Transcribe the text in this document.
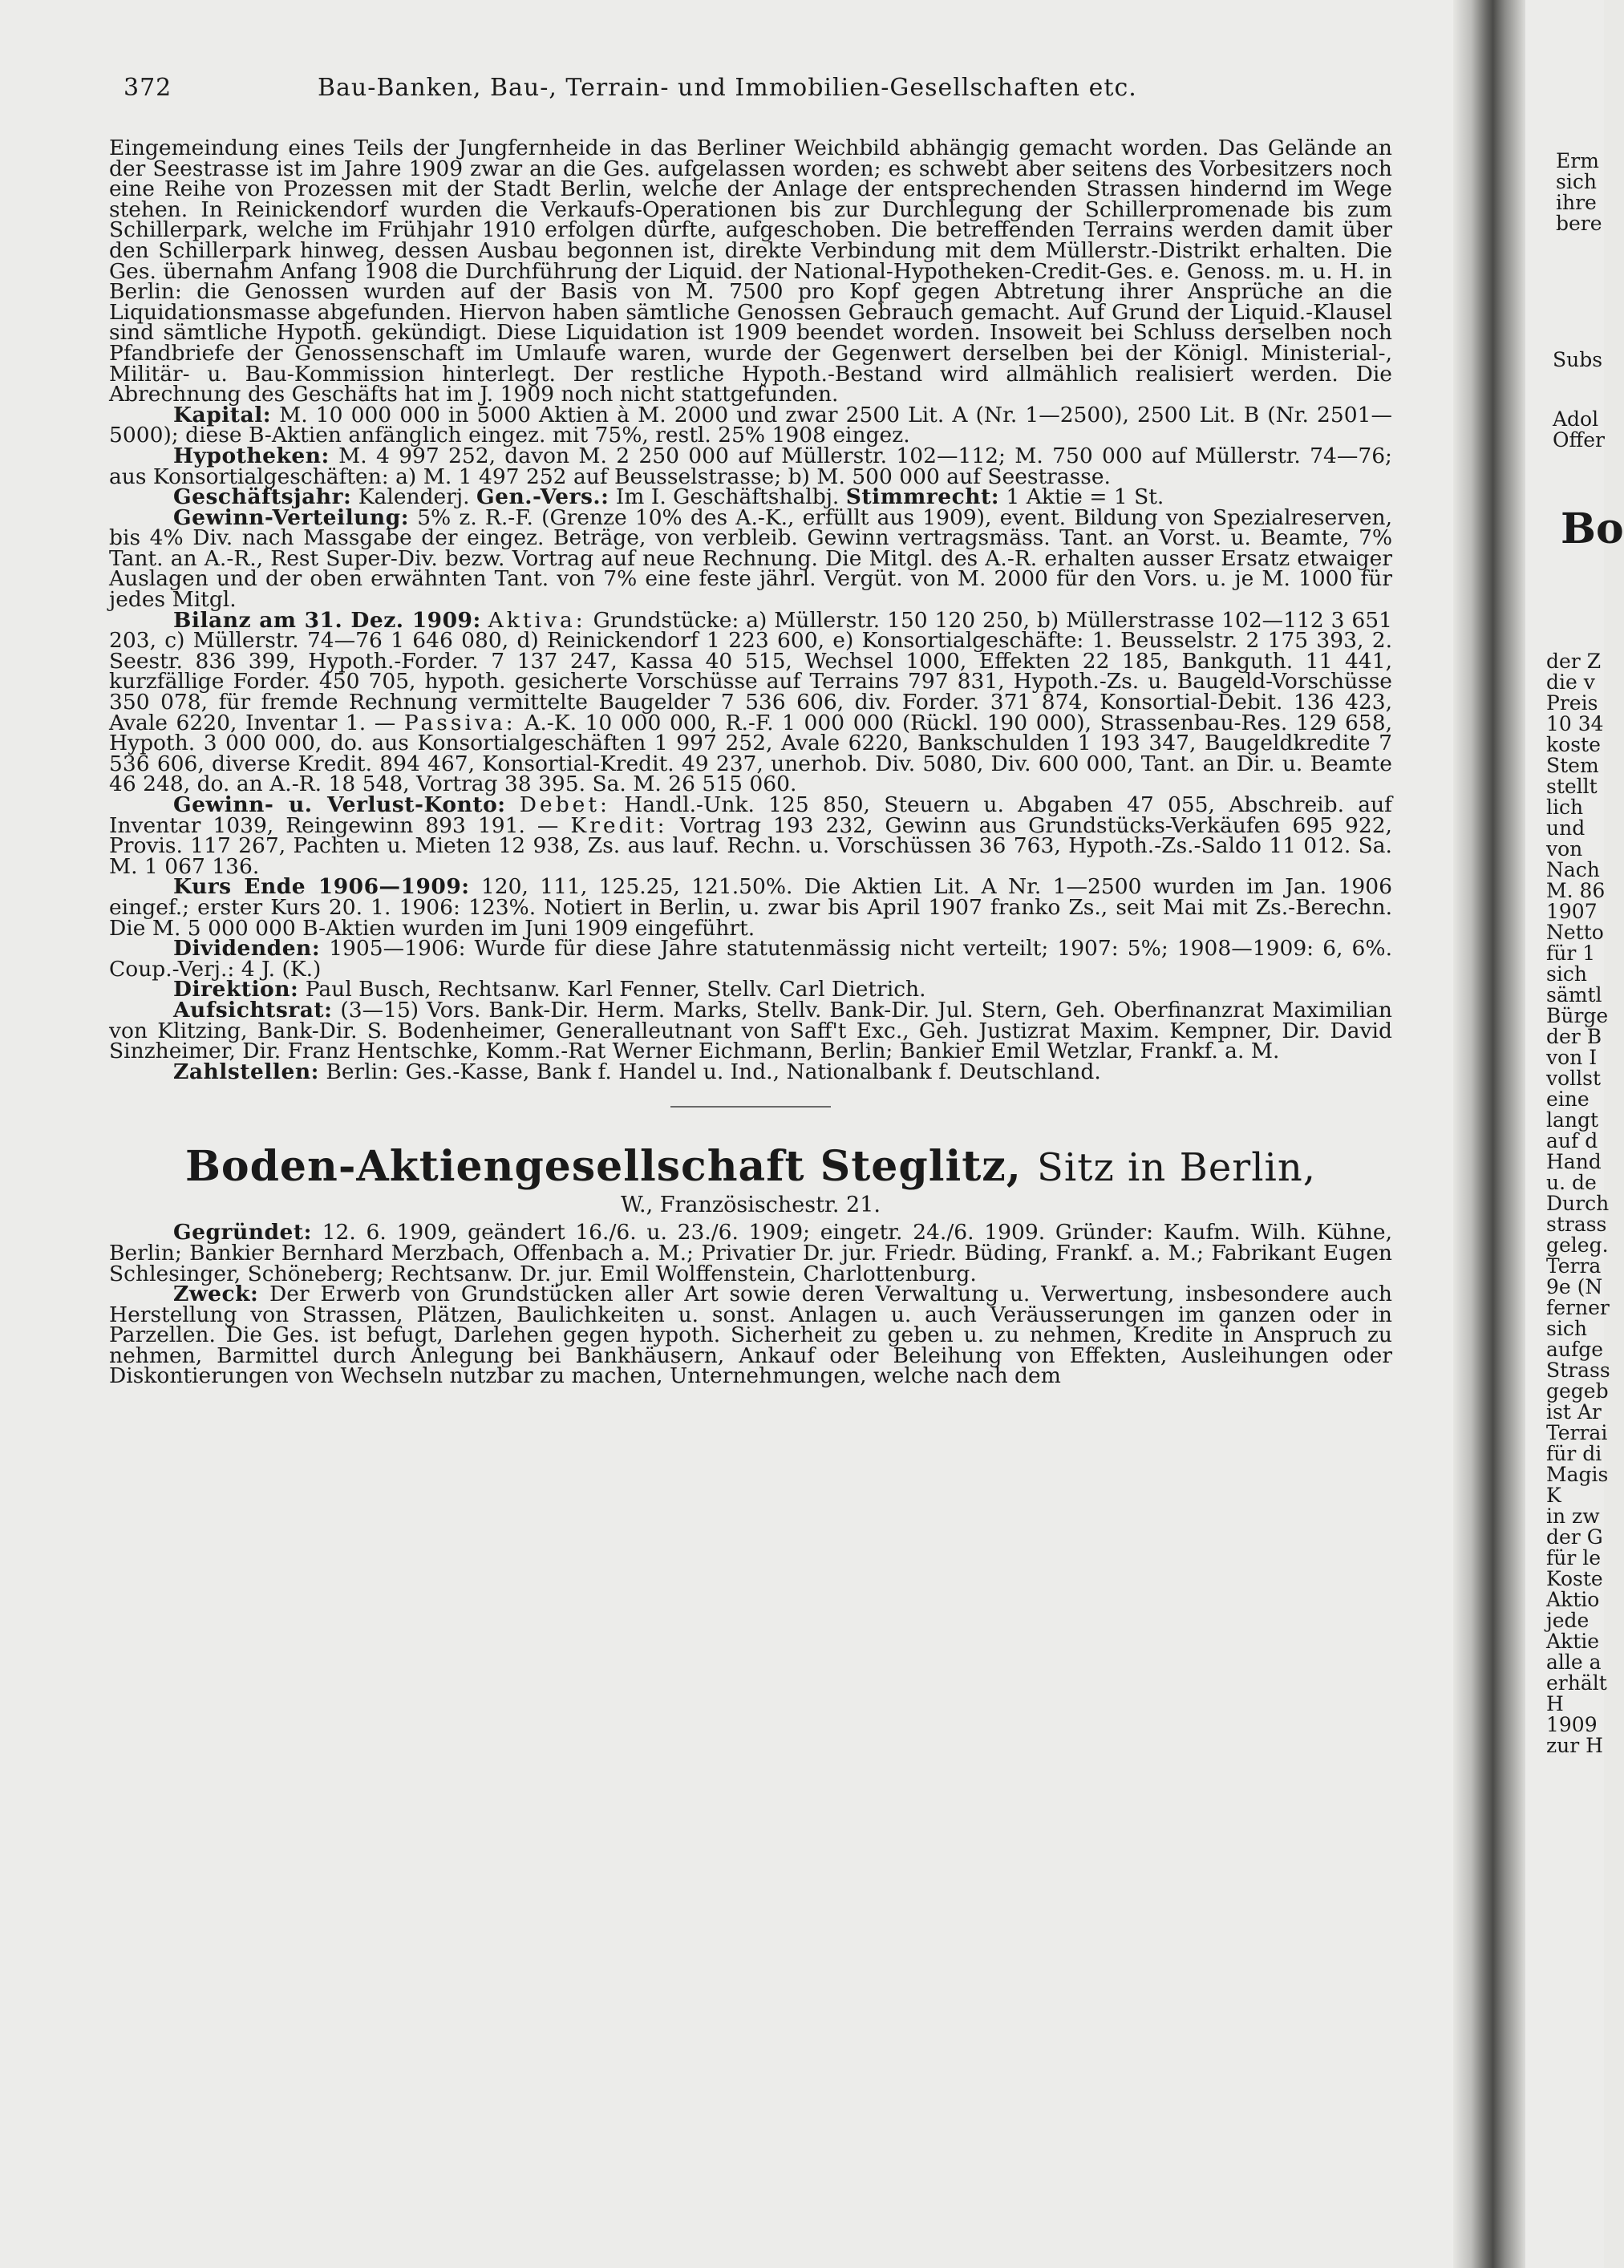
372	Bau-Banken, Bau-, Terrain- und Immobilien-Gesellschaften etc.

Eingemeindung eines Teils der Jungfernheide in das Berliner Weichbild abhängig gemacht worden. Das Gelände an der Seestrasse ist im Jahre 1909 zwar an die Ges. aufgelassen worden; es schwebt aber seitens des Vorbesitzers noch eine Reihe von Prozessen mit der Stadt Berlin, welche der Anlage der entsprechenden Strassen hindernd im Wege stehen. In Reinickendorf wurden die Verkaufs-Operationen bis zur Durchlegung der Schillerpromenade bis zum Schillerpark, welche im Frühjahr 1910 erfolgen dürfte, aufgeschoben. Die betreffenden Terrains werden damit über den Schillerpark hinweg, dessen Ausbau begonnen ist, direkte Verbindung mit dem Müllerstr.-Distrikt erhalten. Die Ges. übernahm Anfang 1908 die Durchführung der Liquid. der National-Hypotheken-Credit-Ges. e. Genoss. m. u. H. in Berlin: die Genossen wurden auf der Basis von M. 7500 pro Kopf gegen Abtretung ihrer Ansprüche an die Liquidationsmasse abgefunden. Hiervon haben sämtliche Genossen Gebrauch gemacht. Auf Grund der Liquid.-Klausel sind sämtliche Hypoth. gekündigt. Diese Liquidation ist 1909 beendet worden. Insoweit bei Schluss derselben noch Pfandbriefe der Genossenschaft im Umlaufe waren, wurde der Gegenwert derselben bei der Königl. Ministerial-, Militär- u. Bau-Kommission hinterlegt. Der restliche Hypoth.-Bestand wird allmählich realisiert werden. Die Abrechnung des Geschäfts hat im J. 1909 noch nicht stattgefunden.

Kapital: M. 10 000 000 in 5000 Aktien à M. 2000 und zwar 2500 Lit. A (Nr. 1—2500), 2500 Lit. B (Nr. 2501—5000); diese B-Aktien anfänglich eingez. mit 75%, restl. 25% 1908 eingez.

Hypotheken: M. 4 997 252, davon M. 2 250 000 auf Müllerstr. 102—112; M. 750 000 auf Müllerstr. 74—76; aus Konsortialgeschäften: a) M. 1 497 252 auf Beusselstrasse; b) M. 500 000 auf Seestrasse.

Geschäftsjahr: Kalenderj. Gen.-Vers.: Im I. Geschäftshalbj. Stimmrecht: 1 Aktie = 1 St.

Gewinn-Verteilung: 5% z. R.-F. (Grenze 10% des A.-K., erfüllt aus 1909), event. Bildung von Spezialreserven, bis 4% Div. nach Massgabe der eingez. Beträge, von verbleib. Gewinn vertragsmäss. Tant. an Vorst. u. Beamte, 7% Tant. an A.-R., Rest Super-Div. bezw. Vortrag auf neue Rechnung. Die Mitgl. des A.-R. erhalten ausser Ersatz etwaiger Auslagen und der oben erwähnten Tant. von 7% eine feste jährl. Vergüt. von M. 2000 für den Vors. u. je M. 1000 für jedes Mitgl.

Bilanz am 31. Dez. 1909: Aktiva: Grundstücke: a) Müllerstr. 150 120 250, b) Müllerstrasse 102—112 3 651 203, c) Müllerstr. 74—76 1 646 080, d) Reinickendorf 1 223 600, e) Konsortialgeschäfte: 1. Beusselstr. 2 175 393, 2. Seestr. 836 399, Hypoth.-Forder. 7 137 247, Kassa 40 515, Wechsel 1000, Effekten 22 185, Bankguth. 11 441, kurzfällige Forder. 450 705, hypoth. gesicherte Vorschüsse auf Terrains 797 831, Hypoth.-Zs. u. Baugeld-Vorschüsse 350 078, für fremde Rechnung vermittelte Baugelder 7 536 606, div. Forder. 371 874, Konsortial-Debit. 136 423, Avale 6220, Inventar 1. — Passiva: A.-K. 10 000 000, R.-F. 1 000 000 (Rückl. 190 000), Strassenbau-Res. 129 658, Hypoth. 3 000 000, do. aus Konsortialgeschäften 1 997 252, Avale 6220, Bankschulden 1 193 347, Baugeldkredite 7 536 606, diverse Kredit. 894 467, Konsortial-Kredit. 49 237, unerhob. Div. 5080, Div. 600 000, Tant. an Dir. u. Beamte 46 248, do. an A.-R. 18 548, Vortrag 38 395. Sa. M. 26 515 060.

Gewinn- u. Verlust-Konto: Debet: Handl.-Unk. 125 850, Steuern u. Abgaben 47 055, Abschreib. auf Inventar 1039, Reingewinn 893 191. — Kredit: Vortrag 193 232, Gewinn aus Grundstücks-Verkäufen 695 922, Provis. 117 267, Pachten u. Mieten 12 938, Zs. aus lauf. Rechn. u. Vorschüssen 36 763, Hypoth.-Zs.-Saldo 11 012. Sa. M. 1 067 136.

Kurs Ende 1906—1909: 120, 111, 125.25, 121.50%. Die Aktien Lit. A Nr. 1—2500 wurden im Jan. 1906 eingef.; erster Kurs 20. 1. 1906: 123%. Notiert in Berlin, u. zwar bis April 1907 franko Zs., seit Mai mit Zs.-Berechn. Die M. 5 000 000 B-Aktien wurden im Juni 1909 eingeführt.

Dividenden: 1905—1906: Wurde für diese Jahre statutenmässig nicht verteilt; 1907: 5%; 1908—1909: 6, 6%. Coup.-Verj.: 4 J. (K.)

Direktion: Paul Busch, Rechtsanw. Karl Fenner, Stellv. Carl Dietrich.

Aufsichtsrat: (3—15) Vors. Bank-Dir. Herm. Marks, Stellv. Bank-Dir. Jul. Stern, Geh. Oberfinanzrat Maximilian von Klitzing, Bank-Dir. S. Bodenheimer, Generalleutnant von Saff't Exc., Geh. Justizrat Maxim. Kempner, Dir. David Sinzheimer, Dir. Franz Hentschke, Komm.-Rat Werner Eichmann, Berlin; Bankier Emil Wetzlar, Frankf. a. M.

Zahlstellen: Berlin: Ges.-Kasse, Bank f. Handel u. Ind., Nationalbank f. Deutschland.

Boden-Aktiengesellschaft Steglitz, Sitz in Berlin,
W., Französischestr. 21.

Gegründet: 12. 6. 1909, geändert 16./6. u. 23./6. 1909; eingetr. 24./6. 1909. Gründer: Kaufm. Wilh. Kühne, Berlin; Bankier Bernhard Merzbach, Offenbach a. M.; Privatier Dr. jur. Friedr. Büding, Frankf. a. M.; Fabrikant Eugen Schlesinger, Schöneberg; Rechtsanw. Dr. jur. Emil Wolffenstein, Charlottenburg.

Zweck: Der Erwerb von Grundstücken aller Art sowie deren Verwaltung u. Verwertung, insbesondere auch Herstellung von Strassen, Plätzen, Baulichkeiten u. sonst. Anlagen u. auch Veräusserungen im ganzen oder in Parzellen. Die Ges. ist befugt, Darlehen gegen hypoth. Sicherheit zu geben u. zu nehmen, Kredite in Anspruch zu nehmen, Barmittel durch Anlegung bei Bankhäusern, Ankauf oder Beleihung von Effekten, Ausleihungen oder Diskontierungen von Wechseln nutzbar zu machen, Unternehmungen, welche nach dem

Erm
sich
ihre
bere
Subs
Adol
Offer
Bo
der Z
die v
Preis
10 34
koste
Stem
stellt
lich
und
von
Nach
M. 86
1907
Netto
für 1
sich
sämtl
Bürge
der B
von I
vollst
eine
langt
auf d
Hand
u. de
Durch
strass
geleg.
Terra
9e (N
ferner
sich
aufge
Strass
gegeb
ist Ar
Terrai
für di
Magis
K
in zw
der G
für le
Koste
Aktio
jede
Aktie
alle a
erhält
H
1909
zur H
